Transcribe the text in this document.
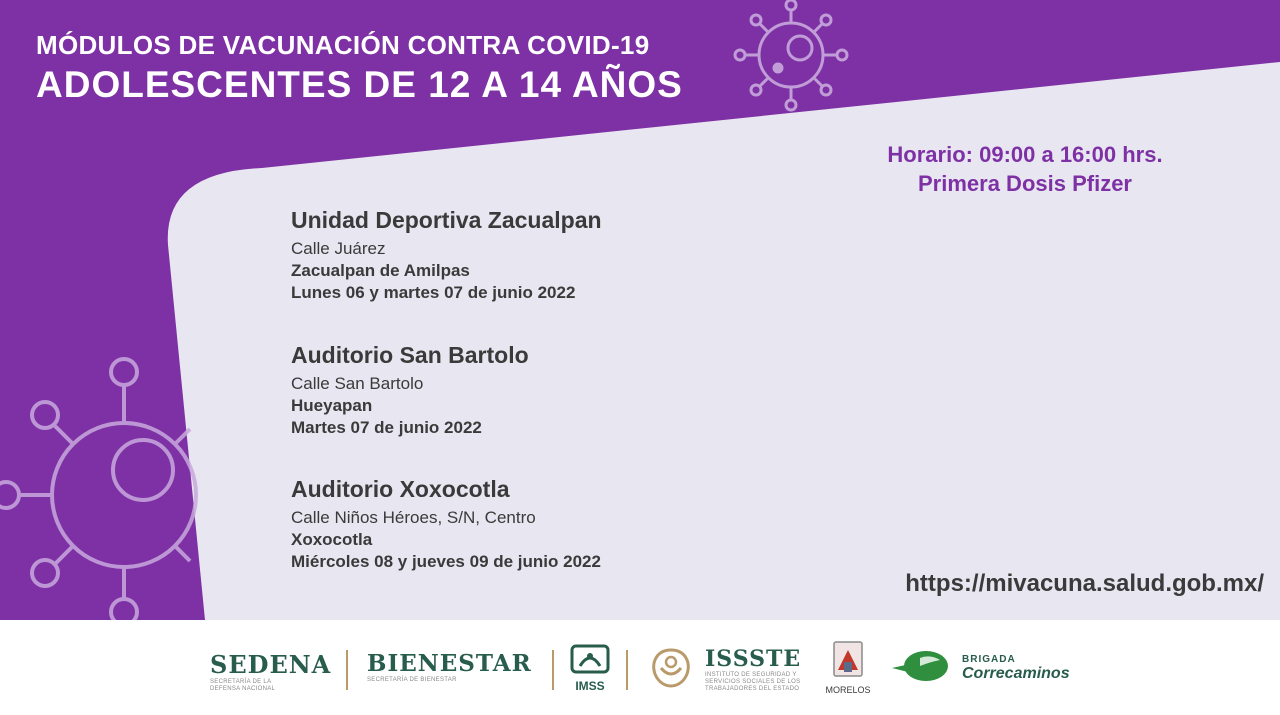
MÓDULOS DE VACUNACIÓN CONTRA COVID-19
ADOLESCENTES DE 12 A 14 AÑOS
Horario: 09:00 a 16:00 hrs.
Primera Dosis Pfizer
Unidad Deportiva Zacualpan
Calle Juárez
Zacualpan de Amilpas
Lunes 06 y martes 07 de junio 2022
Auditorio San Bartolo
Calle San Bartolo
Hueyapan
Martes 07 de junio 2022
Auditorio Xoxocotla
Calle Niños Héroes, S/N, Centro
Xoxocotla
Miércoles 08 y jueves 09 de junio 2022
https://mivacuna.salud.gob.mx/
SEDENA
SECRETARÍA DE LA DEFENSA NACIONAL
BIENESTAR
SECRETARÍA DE BIENESTAR	IMSS
ISSSTE
INSTITUTO DE SEGURIDAD Y SERVICIOS SOCIALES DE LOS TRABAJADORES DEL ESTADO	MORELOS
BRIGADA
Correcaminos
